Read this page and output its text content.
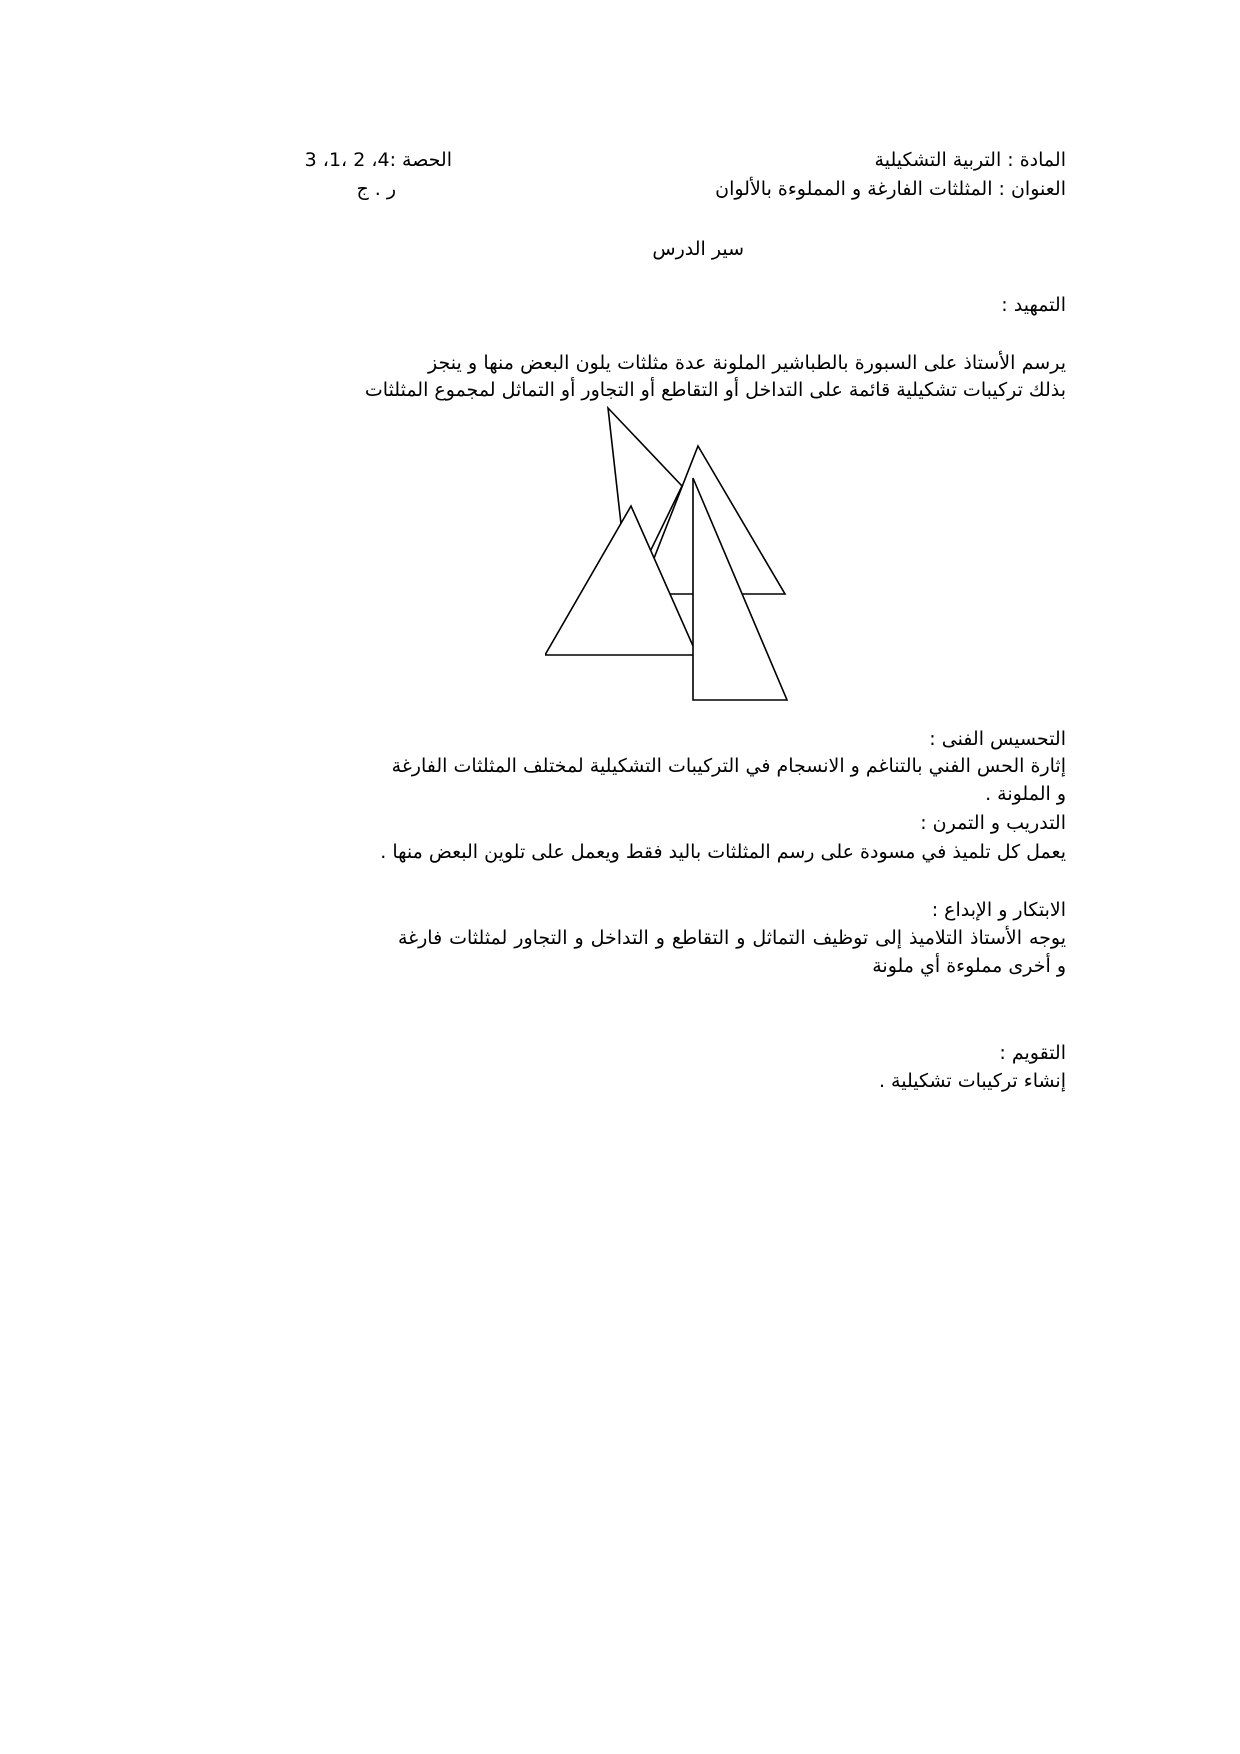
المادة : التربية التشكيلية
الحصة :4، 2 ،1، 3
العنوان : المثلثات الفارغة و المملوءة بالألوان
ر . ج
سير الدرس
التمهيد :
يرسم الأستاذ على السبورة بالطباشير الملونة عدة مثلثات يلون البعض منها و ينجز
بذلك تركيبات تشكيلية قائمة على التداخل أو التقاطع أو التجاور أو التماثل لمجموع المثلثات
التحسيس الفنى :
إثارة الحس الفني بالتناغم و الانسجام في التركيبات التشكيلية لمختلف المثلثات الفارغة
و الملونة .
التدريب و التمرن :
يعمل كل تلميذ في مسودة على رسم المثلثات باليد فقط ويعمل على تلوين البعض منها .
الابتكار و الإبداع :
يوجه الأستاذ التلاميذ إلى توظيف التماثل و التقاطع و التداخل و التجاور لمثلثات فارغة
و أخرى مملوءة أي ملونة
التقويم :
إنشاء تركيبات تشكيلية .
